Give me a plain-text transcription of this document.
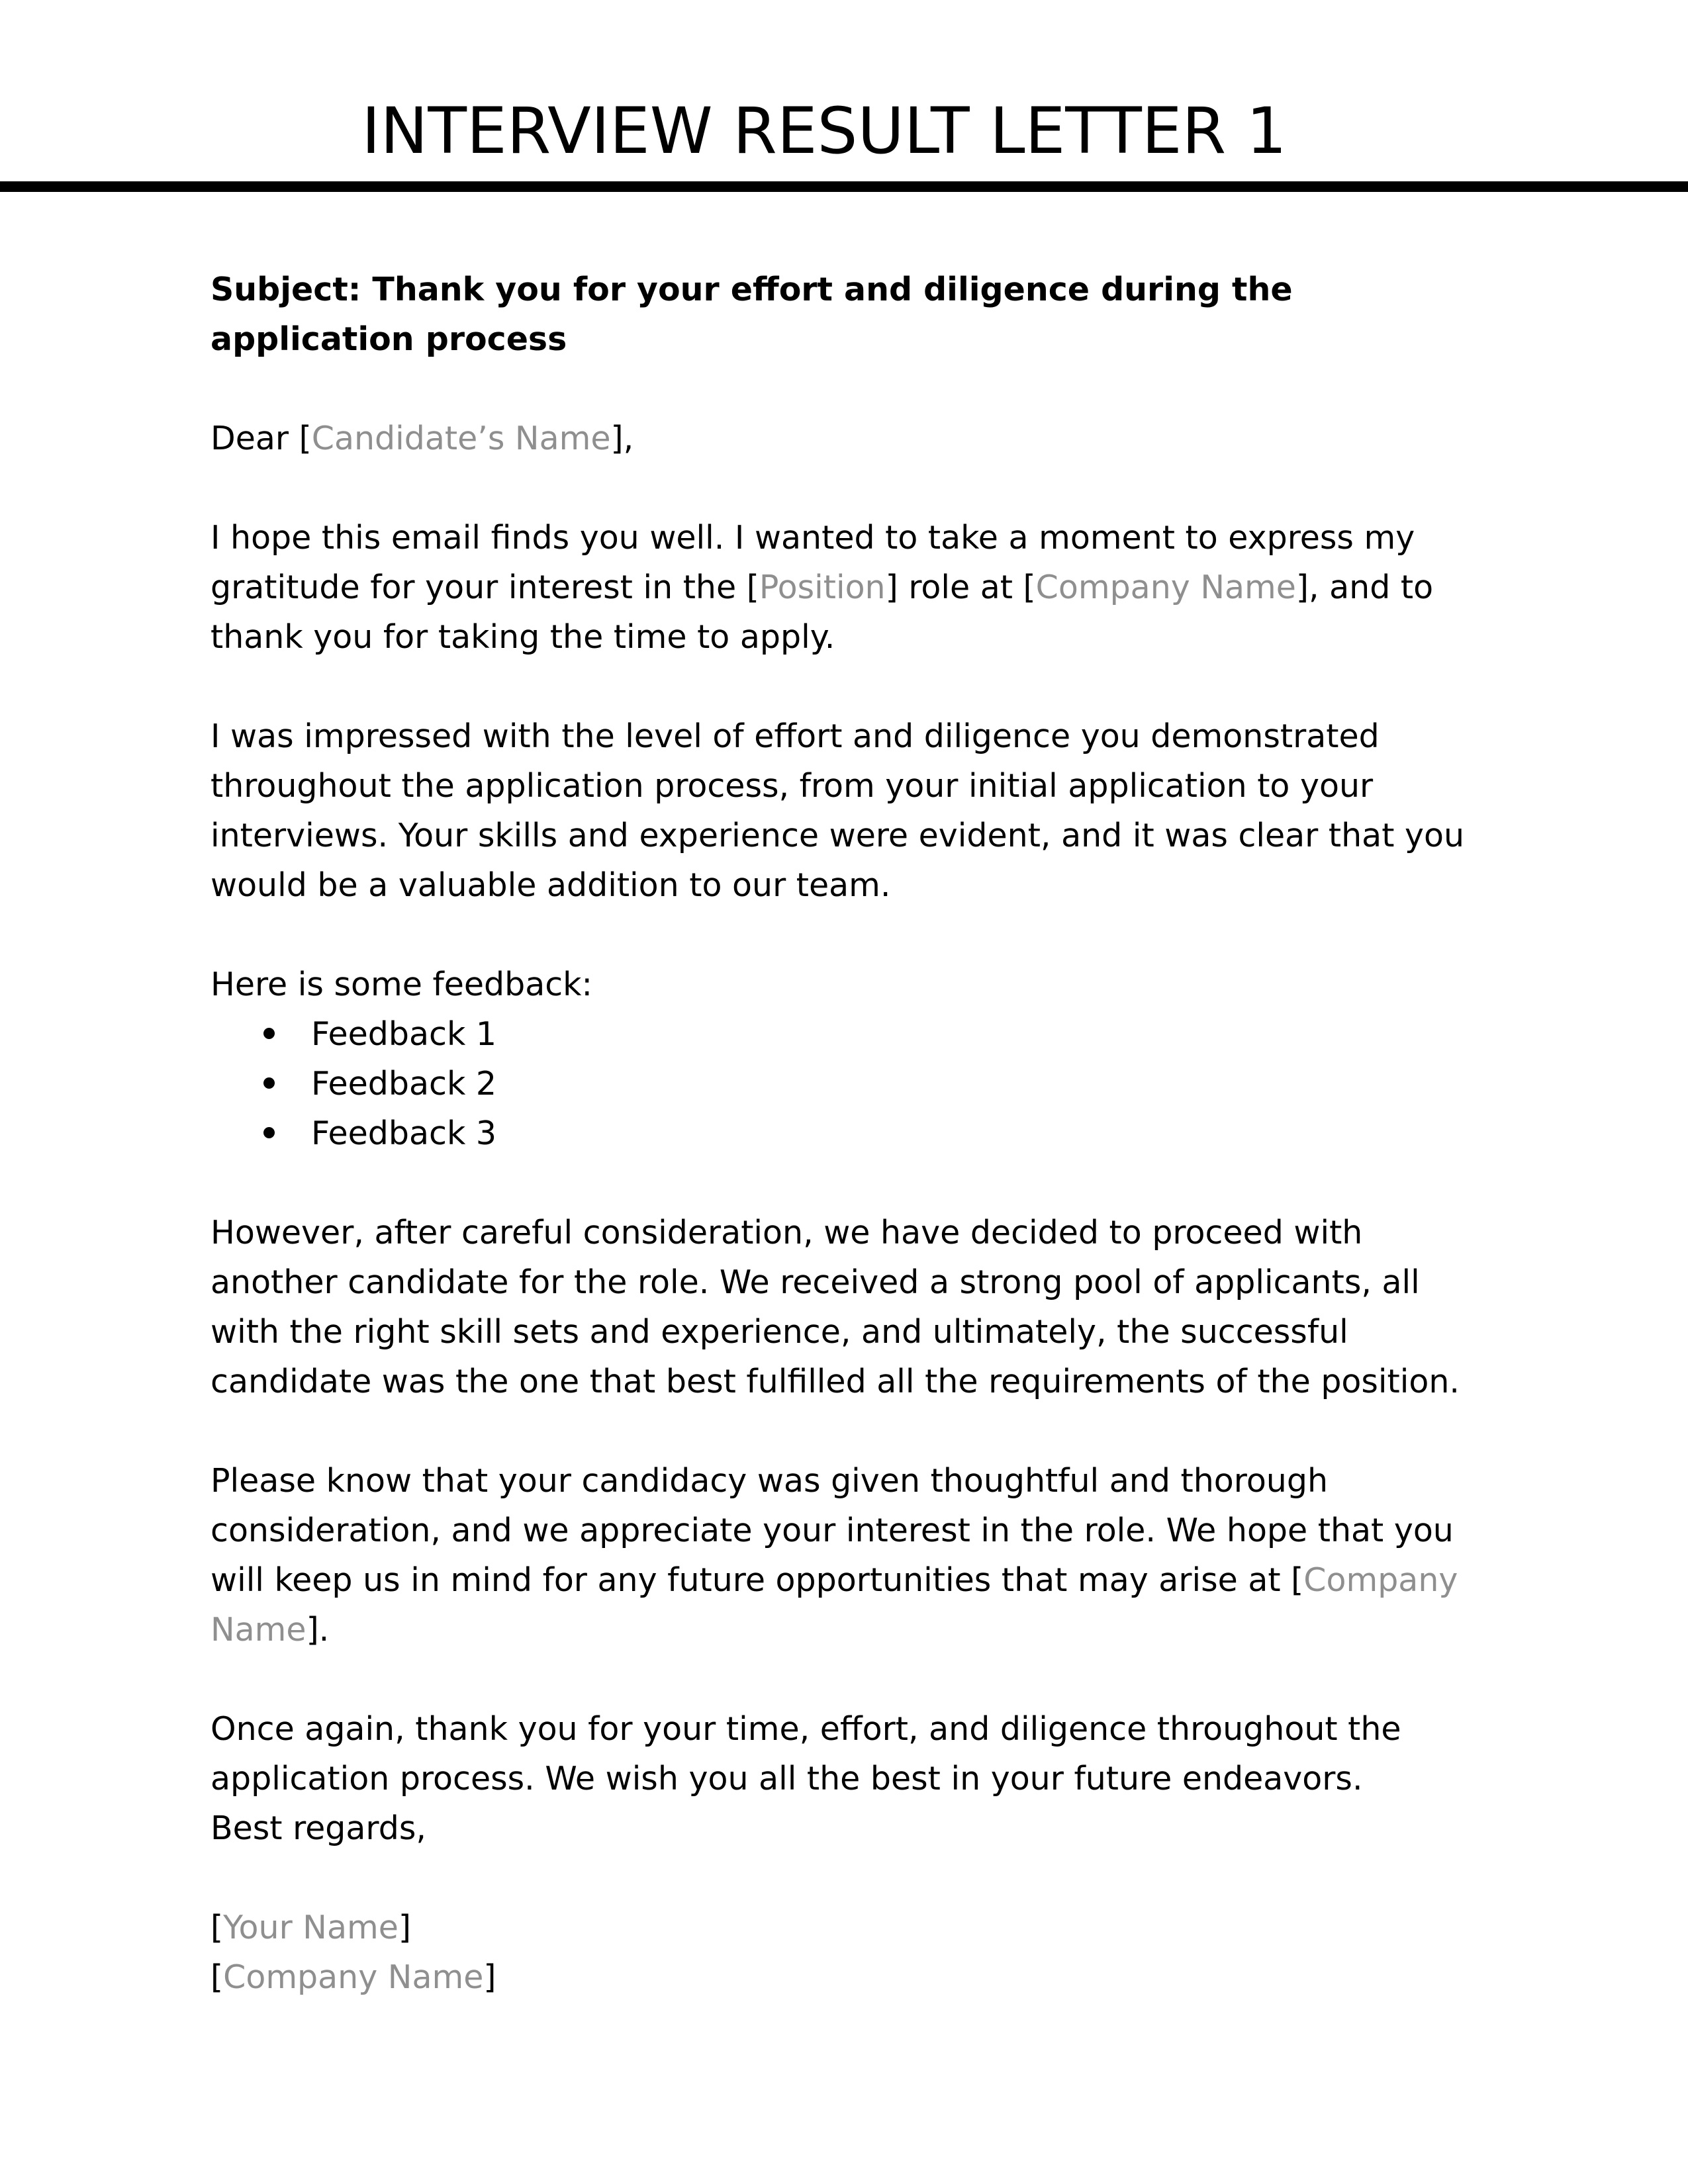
INTERVIEW RESULT LETTER 1

Subject: Thank you for your effort and diligence during the application process

Dear [Candidate’s Name],

I hope this email finds you well. I wanted to take a moment to express my gratitude for your interest in the [Position] role at [Company Name], and to thank you for taking the time to apply.

I was impressed with the level of effort and diligence you demonstrated throughout the application process, from your initial application to your interviews. Your skills and experience were evident, and it was clear that you would be a valuable addition to our team.

Here is some feedback:

Feedback 1
Feedback 2
Feedback 3

However, after careful consideration, we have decided to proceed with another candidate for the role. We received a strong pool of applicants, all with the right skill sets and experience, and ultimately, the successful candidate was the one that best fulfilled all the requirements of the position.

Please know that your candidacy was given thoughtful and thorough consideration, and we appreciate your interest in the role. We hope that you will keep us in mind for any future opportunities that may arise at [Company Name].

Once again, thank you for your time, effort, and diligence throughout the application process. We wish you all the best in your future endeavors.

Best regards,

[Your Name]

[Company Name]
